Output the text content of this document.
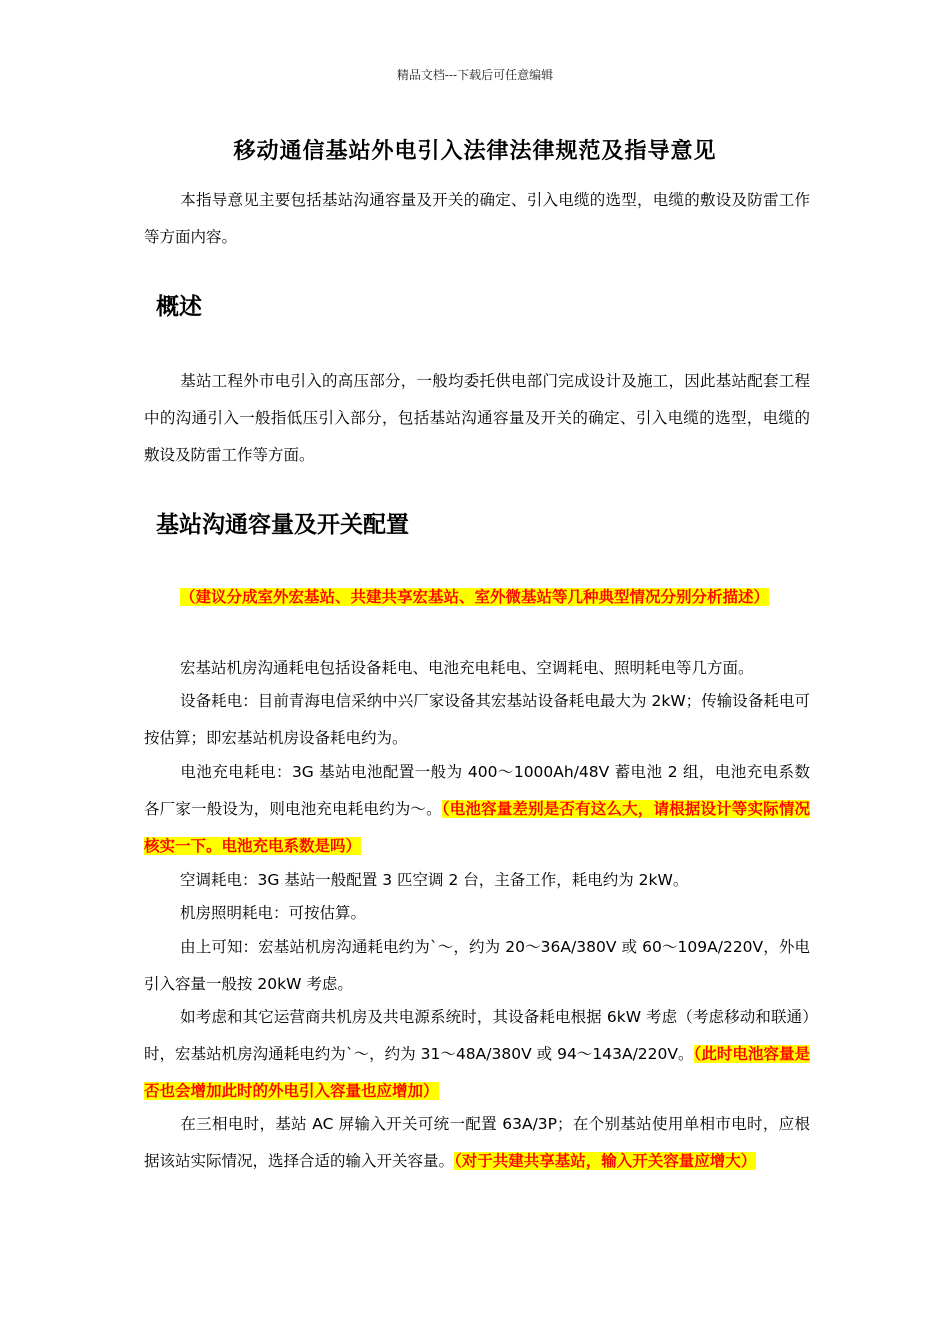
精品文档---下载后可任意编辑
移动通信基站外电引入法律法律规范及指导意见
本指导意见主要包括基站沟通容量及开关的确定、引入电缆的选型，电缆的敷设及防雷工作等方面内容。
概述
基站工程外市电引入的高压部分，一般均委托供电部门完成设计及施工，因此基站配套工程中的沟通引入一般指低压引入部分，包括基站沟通容量及开关的确定、引入电缆的选型，电缆的敷设及防雷工作等方面。
基站沟通容量及开关配置
（建议分成室外宏基站、共建共享宏基站、室外微基站等几种典型情况分别分析描述）
宏基站机房沟通耗电包括设备耗电、电池充电耗电、空调耗电、照明耗电等几方面。
设备耗电：目前青海电信采纳中兴厂家设备其宏基站设备耗电最大为 2kW；传输设备耗电可按估算；即宏基站机房设备耗电约为。
电池充电耗电：3G 基站电池配置一般为 400～1000Ah/48V 蓄电池 2 组，电池充电系数各厂家一般设为，则电池充电耗电约为～。（电池容量差别是否有这么大，请根据设计等实际情况核实一下。电池充电系数是吗）
空调耗电：3G 基站一般配置 3 匹空调 2 台，主备工作，耗电约为 2kW。
机房照明耗电：可按估算。
由上可知：宏基站机房沟通耗电约为`～，约为 20～36A/380V 或 60～109A/220V，外电引入容量一般按 20kW 考虑。
如考虑和其它运营商共机房及共电源系统时，其设备耗电根据 6kW 考虑（考虑移动和联通）时，宏基站机房沟通耗电约为`～，约为 31～48A/380V 或 94～143A/220V。（此时电池容量是否也会增加此时的外电引入容量也应增加）
在三相电时，基站 AC 屏输入开关可统一配置 63A/3P；在个别基站使用单相市电时，应根据该站实际情况，选择合适的输入开关容量。（对于共建共享基站，输入开关容量应增大）
